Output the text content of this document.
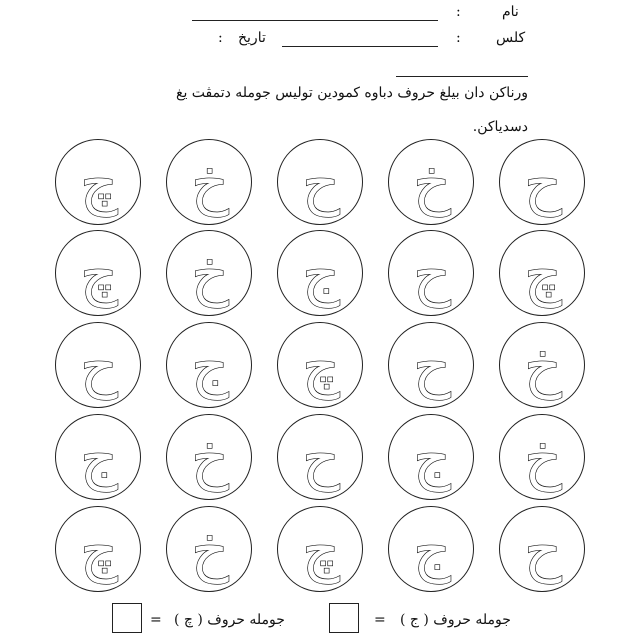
نام
:
کلس
:
تاريخ
:
ورناکن دان بيلغ حروف دباوه کمودين توليس جومله دتمڤت يغ
دسدياکن.
چ	خ	ح	خ	ح
چ	خ	ج	ح	چ
ح	ج	چ	ح	خ
ج	خ	ح	ج	خ
چ	خ	چ	ج	ح
= جومله حروف ( ج )
= جومله حروف ( چ )
